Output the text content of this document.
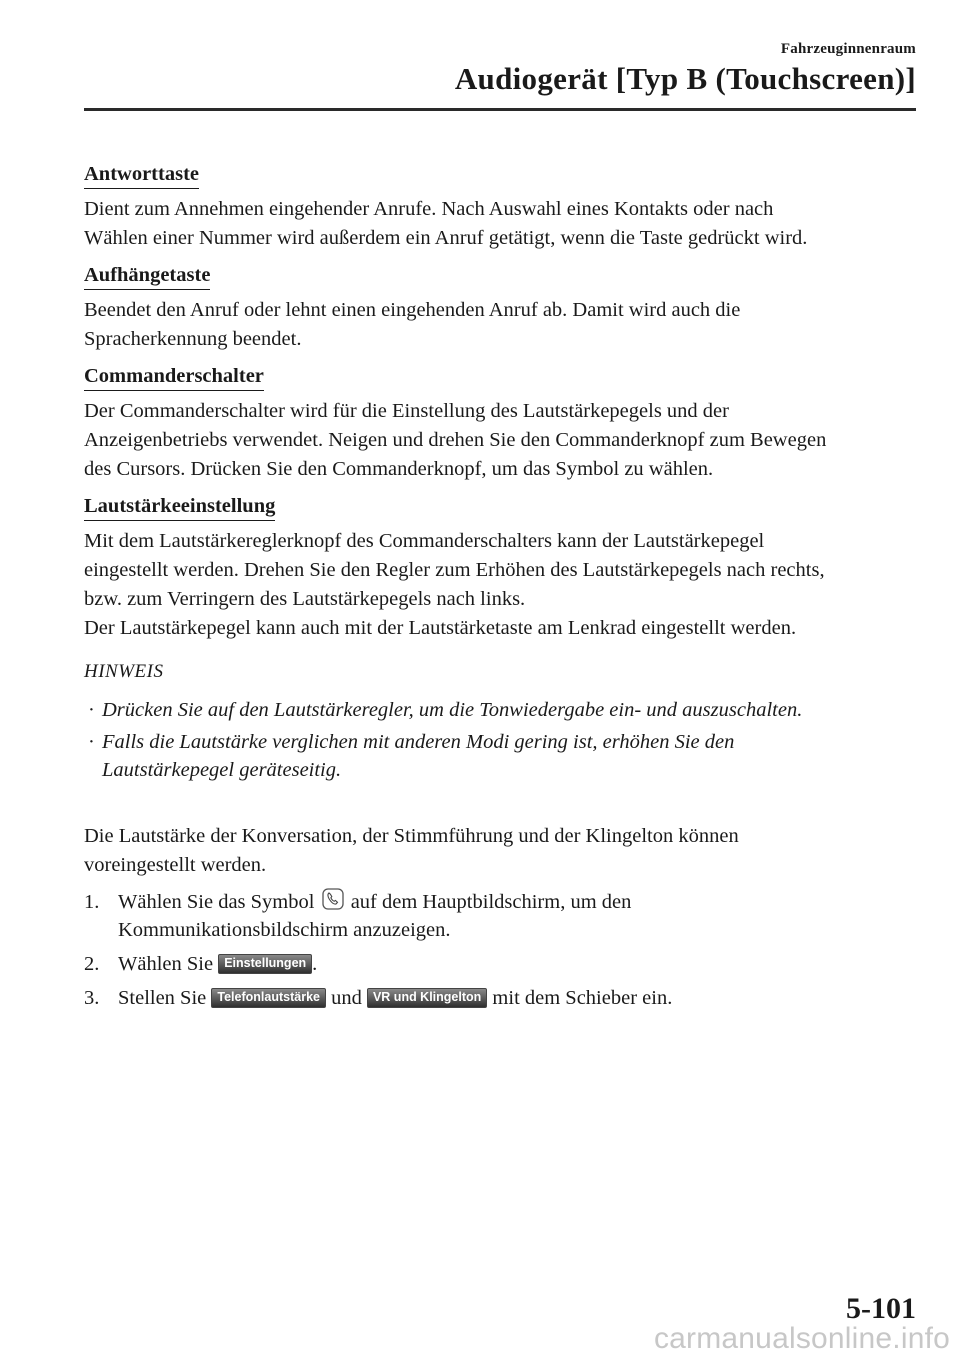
Fahrzeuginnenraum
Audiogerät [Typ B (Touchscreen)]
Antworttaste
Dient zum Annehmen eingehender Anrufe. Nach Auswahl eines Kontakts oder nach
Wählen einer Nummer wird außerdem ein Anruf getätigt, wenn die Taste gedrückt wird.
Aufhängetaste
Beendet den Anruf oder lehnt einen eingehenden Anruf ab. Damit wird auch die
Spracherkennung beendet.
Commanderschalter
Der Commanderschalter wird für die Einstellung des Lautstärkepegels und der
Anzeigenbetriebs verwendet. Neigen und drehen Sie den Commanderknopf zum Bewegen
des Cursors. Drücken Sie den Commanderknopf, um das Symbol zu wählen.
Lautstärkeeinstellung
Mit dem Lautstärkereglerknopf des Commanderschalters kann der Lautstärkepegel
eingestellt werden. Drehen Sie den Regler zum Erhöhen des Lautstärkepegels nach rechts,
bzw. zum Verringern des Lautstärkepegels nach links.
Der Lautstärkepegel kann auch mit der Lautstärketaste am Lenkrad eingestellt werden.
HINWEIS
· Drücken Sie auf den Lautstärkeregler, um die Tonwiedergabe ein- und auszuschalten.
· Falls die Lautstärke verglichen mit anderen Modi gering ist, erhöhen Sie den
Lautstärkepegel geräteseitig.
Die Lautstärke der Konversation, der Stimmführung und der Klingelton können
voreingestellt werden.
1. Wählen Sie das Symbol auf dem Hauptbildschirm, um den
Kommunikationsbildschirm anzuzeigen.
2. Wählen Sie Einstellungen .
3. Stellen Sie Telefonlautstärke und VR und Klingelton mit dem Schieber ein.
5-101
carmanualsonline.info
